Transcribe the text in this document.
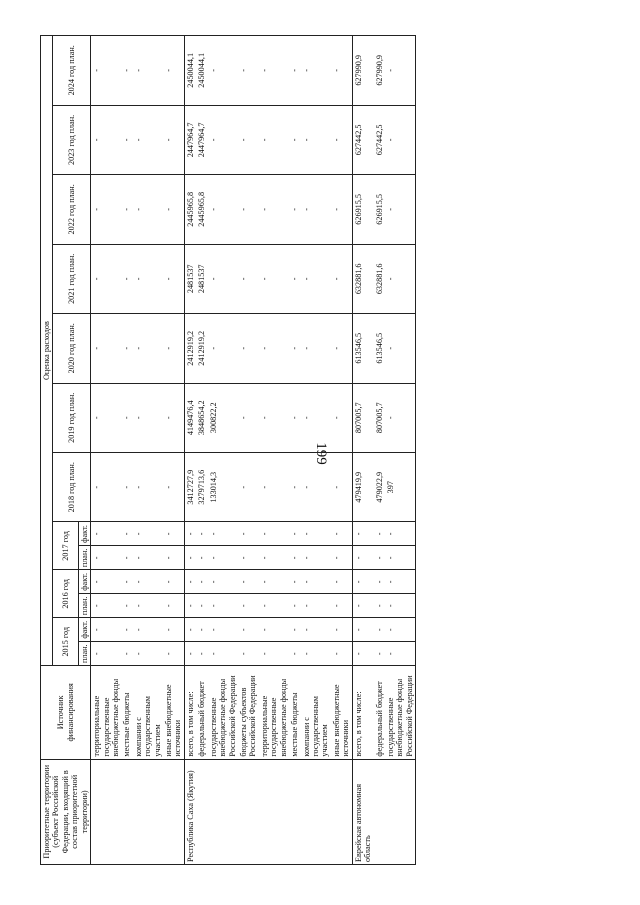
199
Приоритетные территории (субъект Российской Федерации, входящий в состав приоритетной территории)	Источник финансирования	Оценка расходов												
		2015 год		2016 год		2017 год		2018 год план.	2019 год план.	2020 год план.	2021 год план.	2022 год план.	2023 год план.	2024 год план.
		план.	факт.	план.	факт.	план.	факт.							
	территориальные государственные внебюджетные фонды	-	-	-	-	-	-	-	-	-	-	-	-	-
	местные бюджеты	-	-	-	-	-	-	-	-	-	-	-	-	-
	компании с государственным участием	-	-	-	-	-	-	-	-	-	-	-	-	-
	иные внебюджетные источники	-	-	-	-	-	-	-	-	-	-	-	-	-
Республика Саха (Якутия)	всего, в том числе:	-	-	-	-	-	-	3412727,9	4149476,4	2412919,2	2481537	2445965,8	2447964,7	2450044,1
	федеральный бюджет	-	-	-	-	-	-	3279713,6	3848654,2	2412919,2	2481537	2445965,8	2447964,7	2450044,1
	государственные внебюджетные фонды Российской Федерации	-	-	-	-	-	-	133014,3	300822,2	-	-	-	-	-
	бюджеты субъектов Российской Федерации	-	-	-	-	-	-	-	-	-	-	-	-	-
	территориальные государственные внебюджетные фонды	-	-	-	-	-	-	-	-	-	-	-	-	-
	местные бюджеты	-	-	-	-	-	-	-	-	-	-	-	-	-
	компании с государственным участием	-	-	-	-	-	-	-	-	-	-	-	-	-
	иные внебюджетные источники	-	-	-	-	-	-	-	-	-	-	-	-	-
Еврейская автономная область	всего, в том числе:	-	-	-	-	-	-	479419,9	807005,7	613546,5	632881,6	626915,5	627442,5	627990,9
	федеральный бюджет	-	-	-	-	-	-	479022,9	807005,7	613546,5	632881,6	626915,5	627442,5	627990,9
	государственные внебюджетные фонды Российской Федерации	-	-	-	-	-	-	397	-	-	-	-	-	-
